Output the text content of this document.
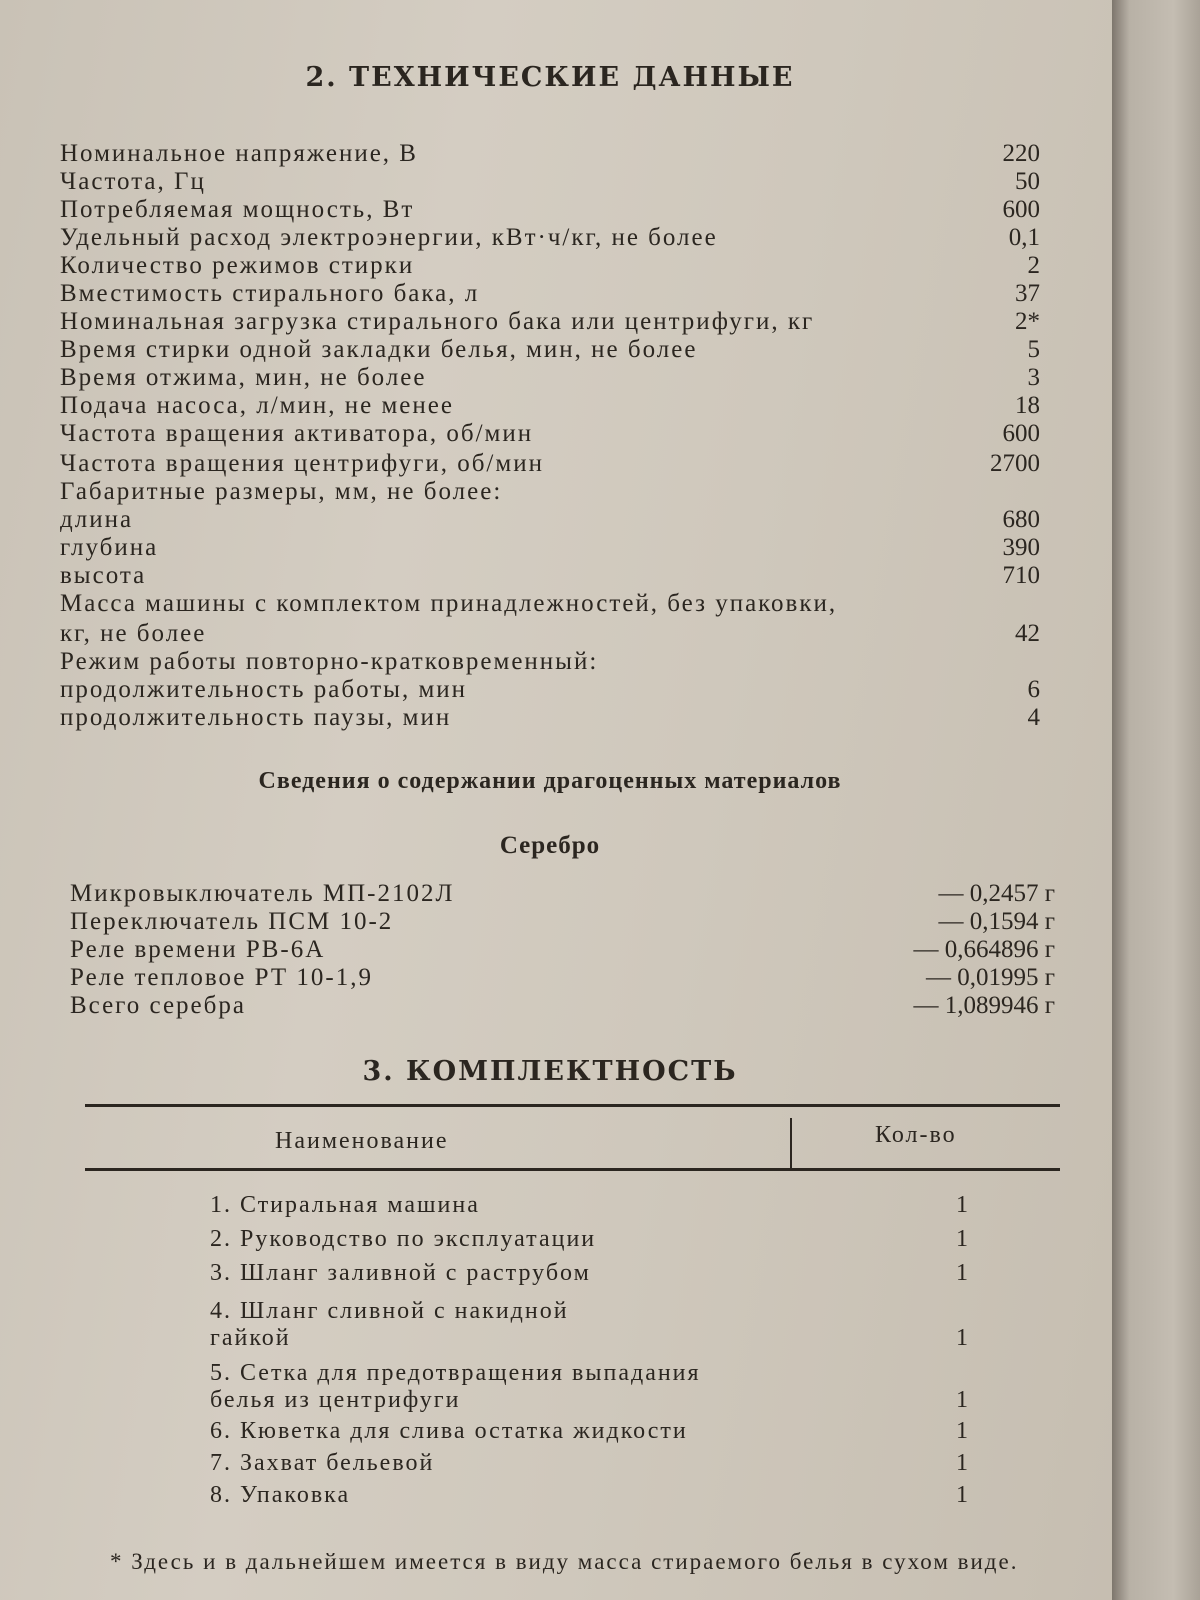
2. ТЕХНИЧЕСКИЕ ДАННЫЕ
Номинальное напряжение, В	220
Частота, Гц	50
Потребляемая мощность, Вт	600
Удельный расход электроэнергии, кВт·ч/кг, не более	0,1
Количество режимов стирки	2
Вместимость стирального бака, л	37
Номинальная загрузка стирального бака или центрифуги, кг	2*
Время стирки одной закладки белья, мин, не более	5
Время отжима, мин, не более	3
Подача насоса, л/мин, не менее	18
Частота вращения активатора, об/мин	600
Частота вращения центрифуги, об/мин	2700
Габаритные размеры, мм, не более:
длина	680
глубина	390
высота	710
Масса машины с комплектом принадлежностей, без упаковки,
кг, не более	42
Режим работы повторно-кратковременный:
продолжительность работы, мин	6
продолжительность паузы, мин	4
Сведения о содержании драгоценных материалов
Серебро
Микровыключатель МП-2102Л	— 0,2457 г
Переключатель ПСМ 10-2	— 0,1594 г
Реле времени РВ-6А	— 0,664896 г
Реле тепловое РТ 10-1,9	— 0,01995 г
Всего серебра	— 1,089946 г
3. КОМПЛЕКТНОСТЬ
Наименование	Кол-во
1. Стиральная машина	1
2. Руководство по эксплуатации	1
3. Шланг заливной с раструбом	1
4. Шланг сливной с накидной
гайкой	1
5. Сетка для предотвращения выпадания
белья из центрифуги	1
6. Кюветка для слива остатка жидкости	1
7. Захват бельевой	1
8. Упаковка	1
* Здесь и в дальнейшем имеется в виду масса стираемого белья в сухом виде.
